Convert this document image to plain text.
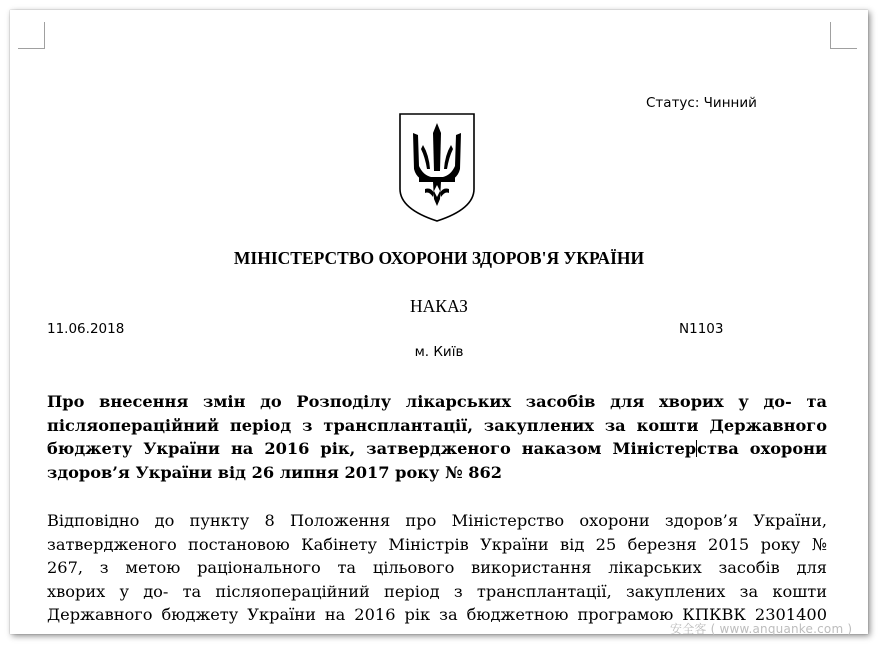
Статус: Чинний
МІНІСТЕРСТВО ОХОРОНИ ЗДОРОВ'Я УКРАЇНИ
НАКАЗ
11.06.2018	N1103
м. Київ
Про внесення змін до Розподілу лікарських засобів для хворих у до- та
післяопераційний період з трансплантації, закуплених за кошти Державного
бюджету України на 2016 рік, затвердженого наказом Міністерства охорони
здоров’я України від 26 липня 2017 року № 862
Відповідно до пункту 8 Положення про Міністерство охорони здоров’я України,
затвердженого постановою Кабінету Міністрів України від 25 березня 2015 року №
267, з метою раціонального та цільового використання лікарських засобів для
хворих у до- та післяопераційний період з трансплантації, закуплених за кошти
Державного бюджету України на 2016 рік за бюджетною програмою КПКВК 2301400
安全客 ( www.anquanke.com )
